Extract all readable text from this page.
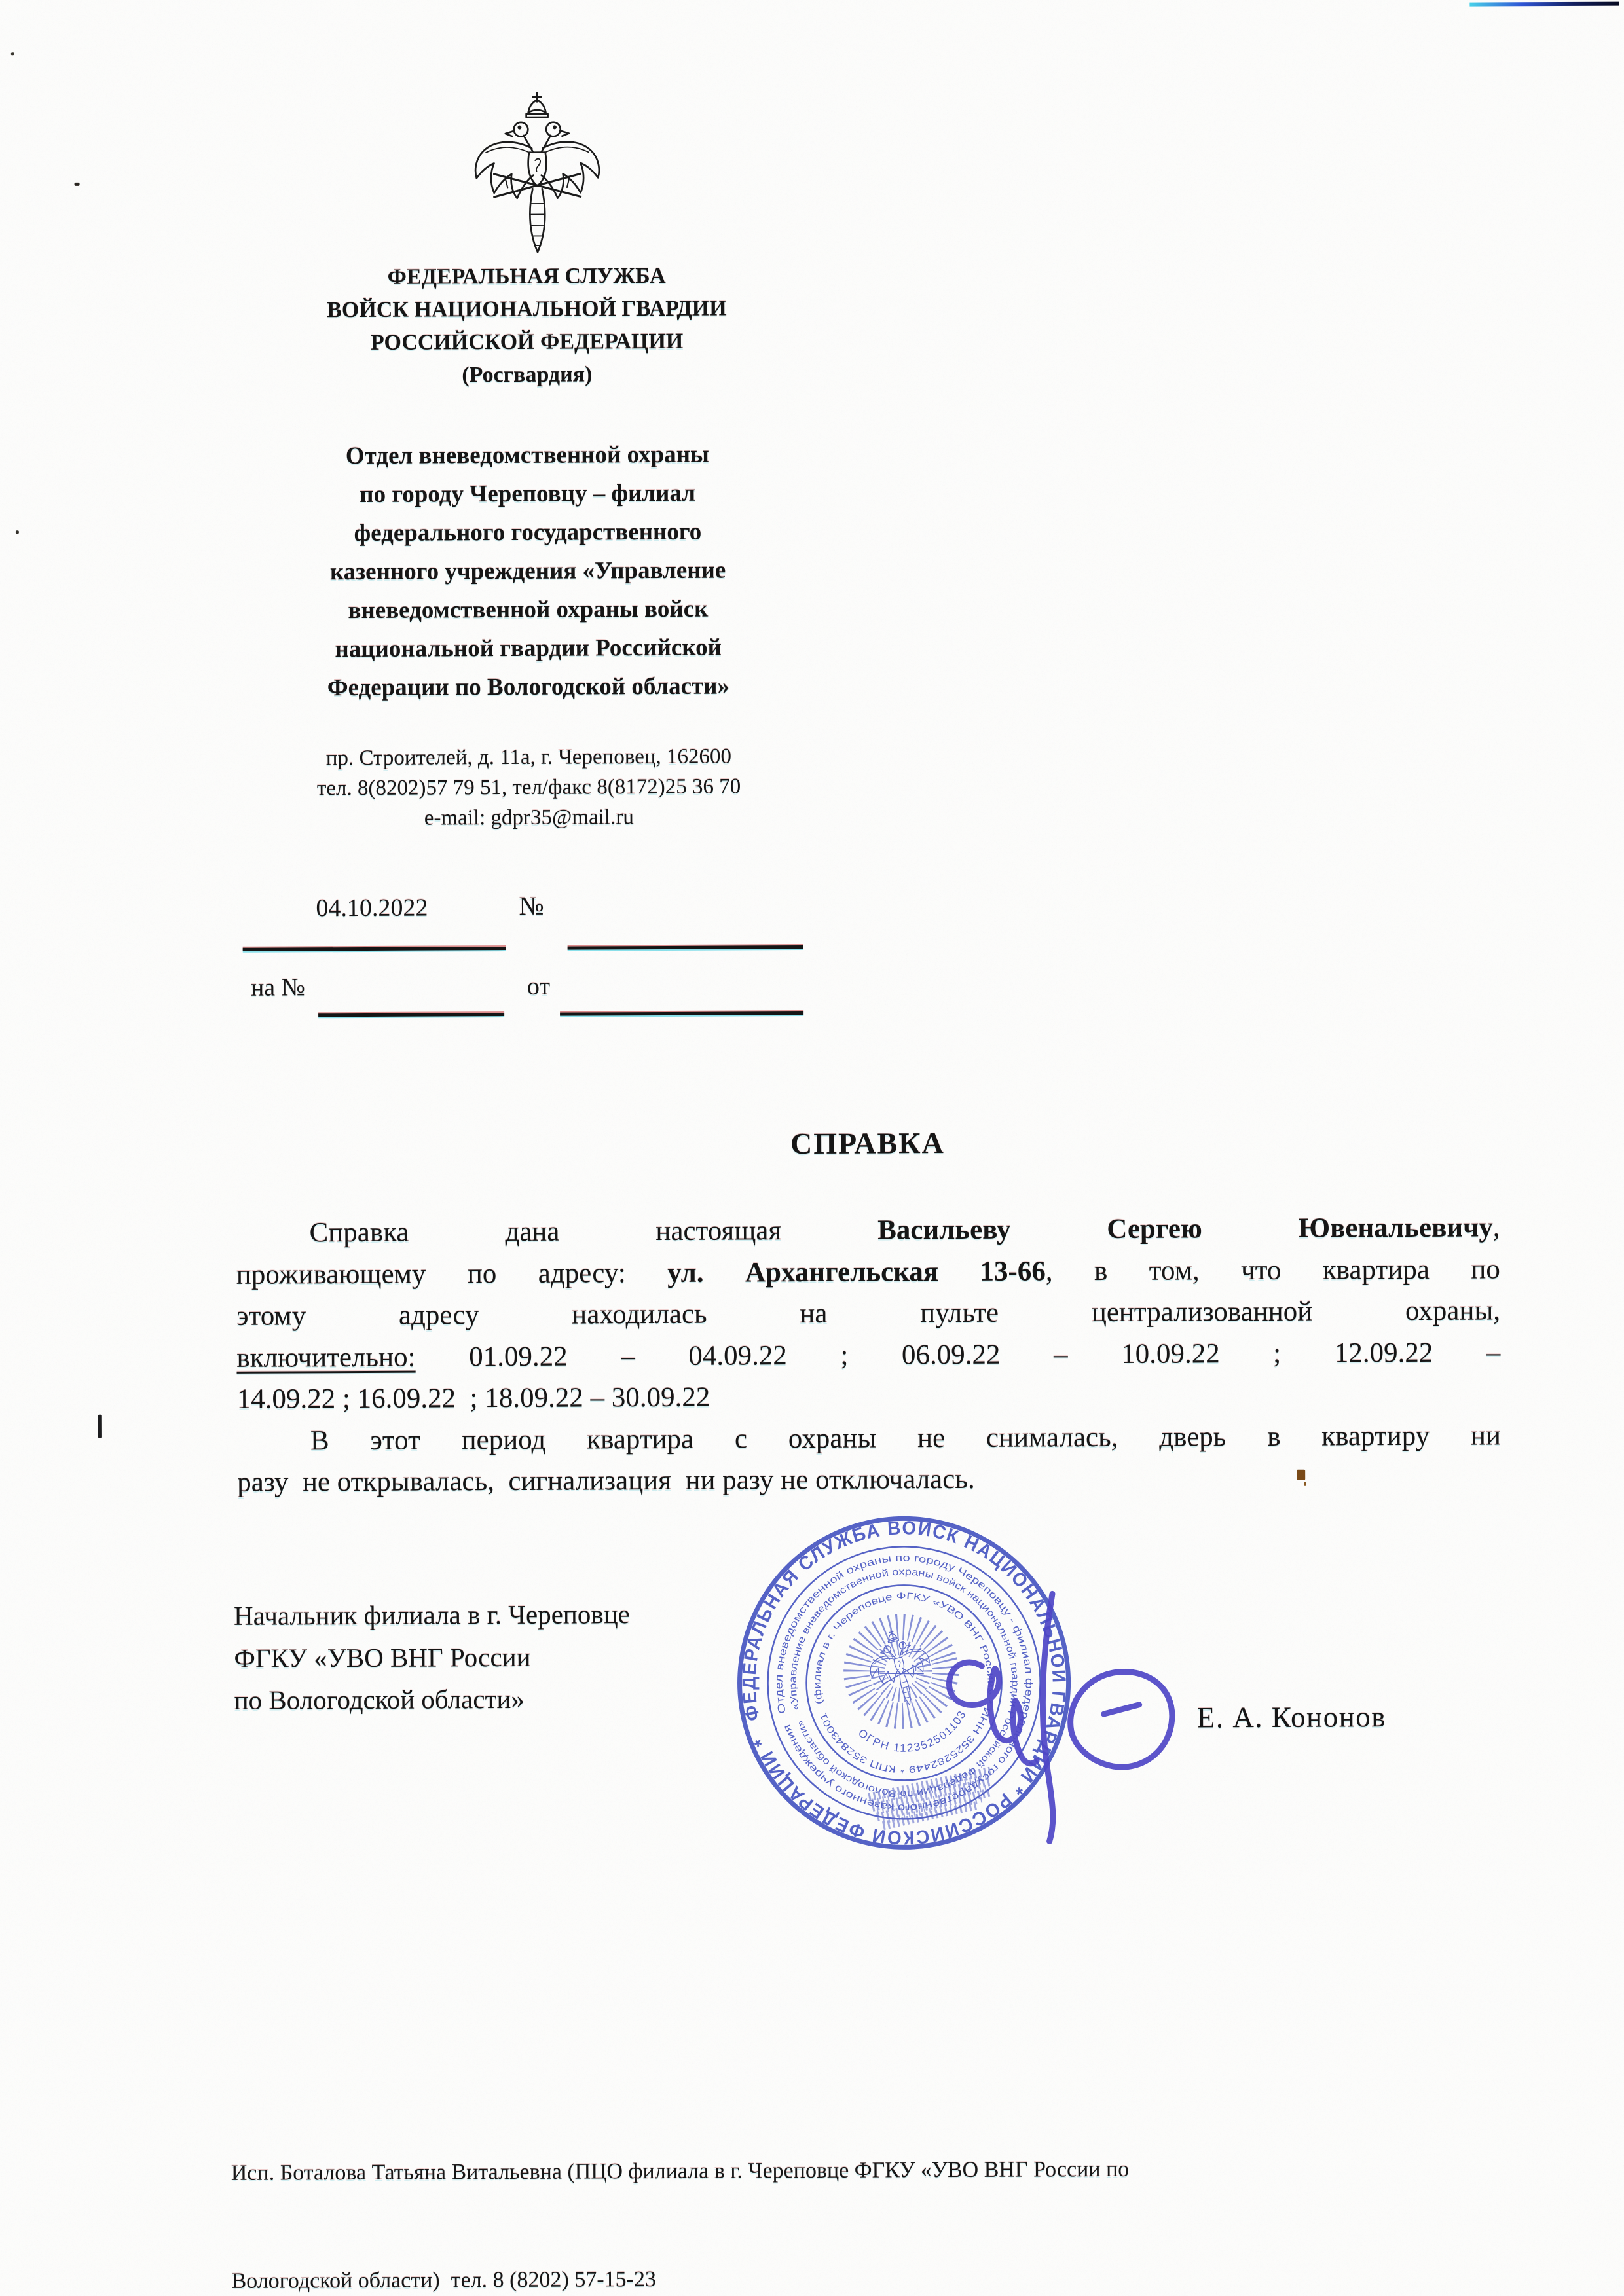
ФЕДЕРАЛЬНАЯ СЛУЖБА
ВОЙСК НАЦИОНАЛЬНОЙ ГВАРДИИ
РОССИЙСКОЙ ФЕДЕРАЦИИ
(Росгвардия)
Отдел вневедомственной охраны
по городу Череповцу – филиал
федерального государственного
казенного учреждения «Управление
вневедомственной охраны войск
национальной гвардии Российской
Федерации по Вологодской области»
пр. Строителей, д. 11а, г. Череповец, 162600
тел. 8(8202)57 79 51, тел/факс 8(8172)25 36 70
e-mail: gdpr35@mail.ru
04.10.2022	№
на №	от
СПРАВКА
Справка дана настоящая Васильеву Сергею Ювенальевичу,
проживающему по адресу: ул. Архангельская 13-66, в том, что квартира по
этому адресу находилась на пульте централизованной охраны,
включительно: 01.09.22 – 04.09.22 ; 06.09.22 – 10.09.22 ; 12.09.22 –
14.09.22 ; 16.09.22  ; 18.09.22 – 30.09.22
В этот период квартира с охраны не снималась, дверь в квартиру ни
разу  не открывалась,  сигнализация  ни разу не отключалась.
Начальник филиала в г. Череповце
ФГКУ «УВО ВНГ России
по Вологодской области»
Е. А. Кононов
ФЕДЕРАЛЬНАЯ СЛУЖБА ВОЙСК НАЦИОНАЛЬНОЙ ГВАРДИИ * РОССИЙСКОЙ ФЕДЕРАЦИИ *
Отдел вневедомственной охраны по городу Череповцу - филиал федерального государственного казенного учреждения
«Управление вневедомственной охраны войск национальной гвардии Российской Федерации по Вологодской области»
(филиал в г. Череповце ФГКУ «УВО ВНГ России» * ИНН 3525282449 * КПП 352843001
ОГРН 1123525011037

Исп. Боталова Татьяна Витальевна (ПЦО филиала в г. Череповце ФГКУ «УВО ВНГ России по

Вологодской области)  тел. 8 (8202) 57-15-23
